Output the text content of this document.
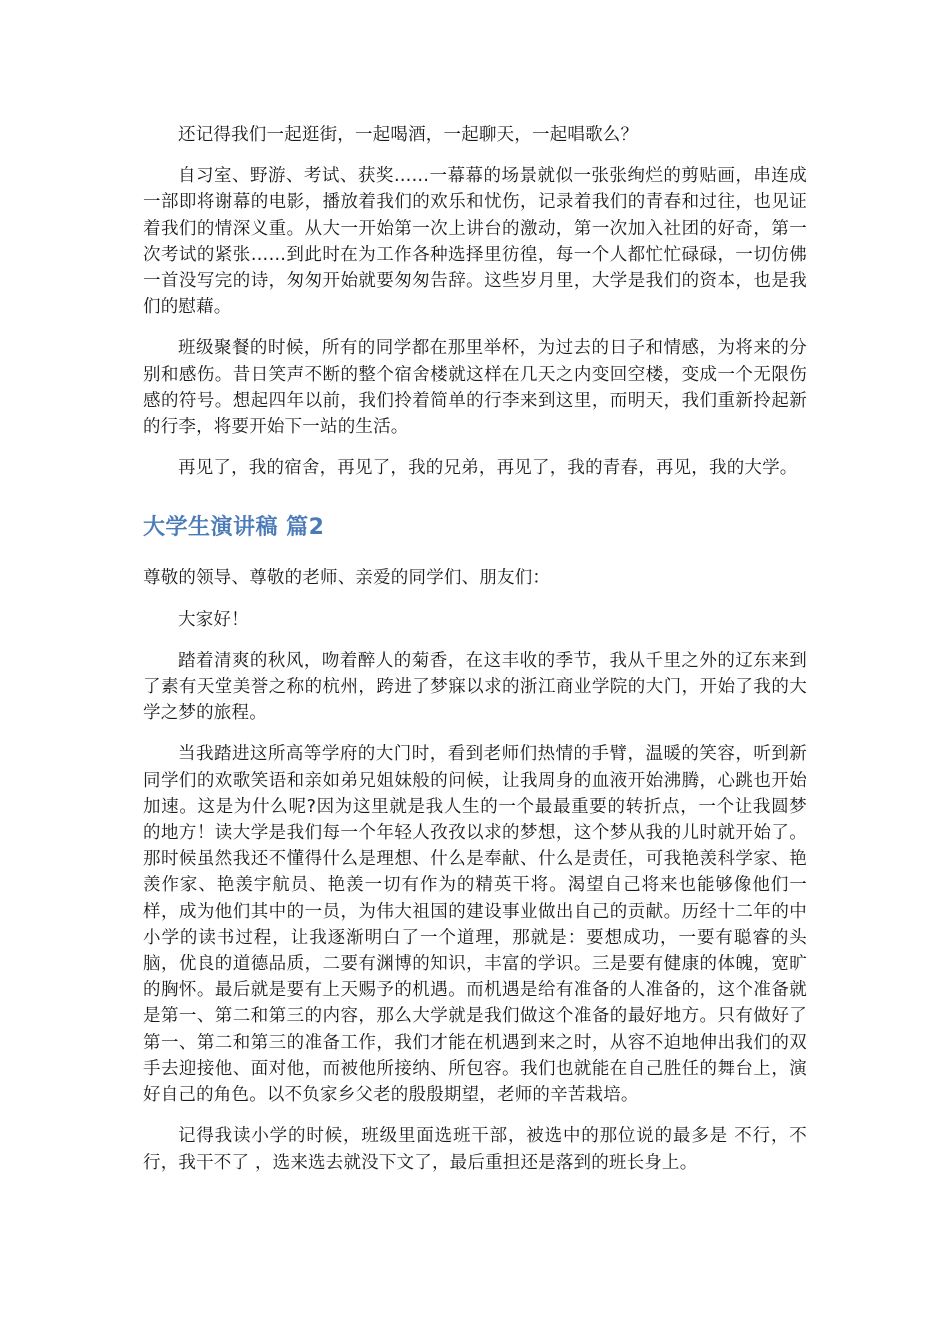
还记得我们一起逛街，一起喝酒，一起聊天，一起唱歌么？

自习室、野游、考试、获奖……一幕幕的场景就似一张张绚烂的剪贴画，串连成一部即将谢幕的电影，播放着我们的欢乐和忧伤，记录着我们的青春和过往，也见证着我们的情深义重。从大一开始第一次上讲台的激动，第一次加入社团的好奇，第一次考试的紧张……到此时在为工作各种选择里彷徨，每一个人都忙忙碌碌，一切仿佛一首没写完的诗，匆匆开始就要匆匆告辞。这些岁月里，大学是我们的资本，也是我们的慰藉。

班级聚餐的时候，所有的同学都在那里举杯，为过去的日子和情感，为将来的分别和感伤。昔日笑声不断的整个宿舍楼就这样在几天之内变回空楼，变成一个无限伤感的符号。想起四年以前，我们拎着简单的行李来到这里，而明天，我们重新拎起新的行李，将要开始下一站的生活。

再见了，我的宿舍，再见了，我的兄弟，再见了，我的青春，再见，我的大学。

大学生演讲稿 篇2

尊敬的领导、尊敬的老师、亲爱的同学们、朋友们：

大家好！

踏着清爽的秋风，吻着醉人的菊香，在这丰收的季节，我从千里之外的辽东来到了素有天堂美誉之称的杭州，跨进了梦寐以求的浙江商业学院的大门，开始了我的大学之梦的旅程。

当我踏进这所高等学府的大门时，看到老师们热情的手臂，温暖的笑容，听到新同学们的欢歌笑语和亲如弟兄姐妹般的问候，让我周身的血液开始沸腾，心跳也开始加速。这是为什么呢?因为这里就是我人生的一个最最重要的转折点，一个让我圆梦的地方！读大学是我们每一个年轻人孜孜以求的梦想，这个梦从我的儿时就开始了。那时候虽然我还不懂得什么是理想、什么是奉献、什么是责任，可我艳羡科学家、艳羡作家、艳羡宇航员、艳羡一切有作为的精英干将。渴望自己将来也能够像他们一样，成为他们其中的一员，为伟大祖国的建设事业做出自己的贡献。历经十二年的中小学的读书过程，让我逐渐明白了一个道理，那就是：要想成功，一要有聪睿的头脑，优良的道德品质，二要有渊博的知识，丰富的学识。三是要有健康的体魄，宽旷的胸怀。最后就是要有上天赐予的机遇。而机遇是给有准备的人准备的，这个准备就是第一、第二和第三的内容，那么大学就是我们做这个准备的最好地方。只有做好了第一、第二和第三的准备工作，我们才能在机遇到来之时，从容不迫地伸出我们的双手去迎接他、面对他，而被他所接纳、所包容。我们也就能在自己胜任的舞台上，演好自己的角色。以不负家乡父老的殷殷期望，老师的辛苦栽培。

记得我读小学的时候，班级里面选班干部，被选中的那位说的最多是 不行，不行，我干不了 ，选来选去就没下文了，最后重担还是落到的班长身上。
